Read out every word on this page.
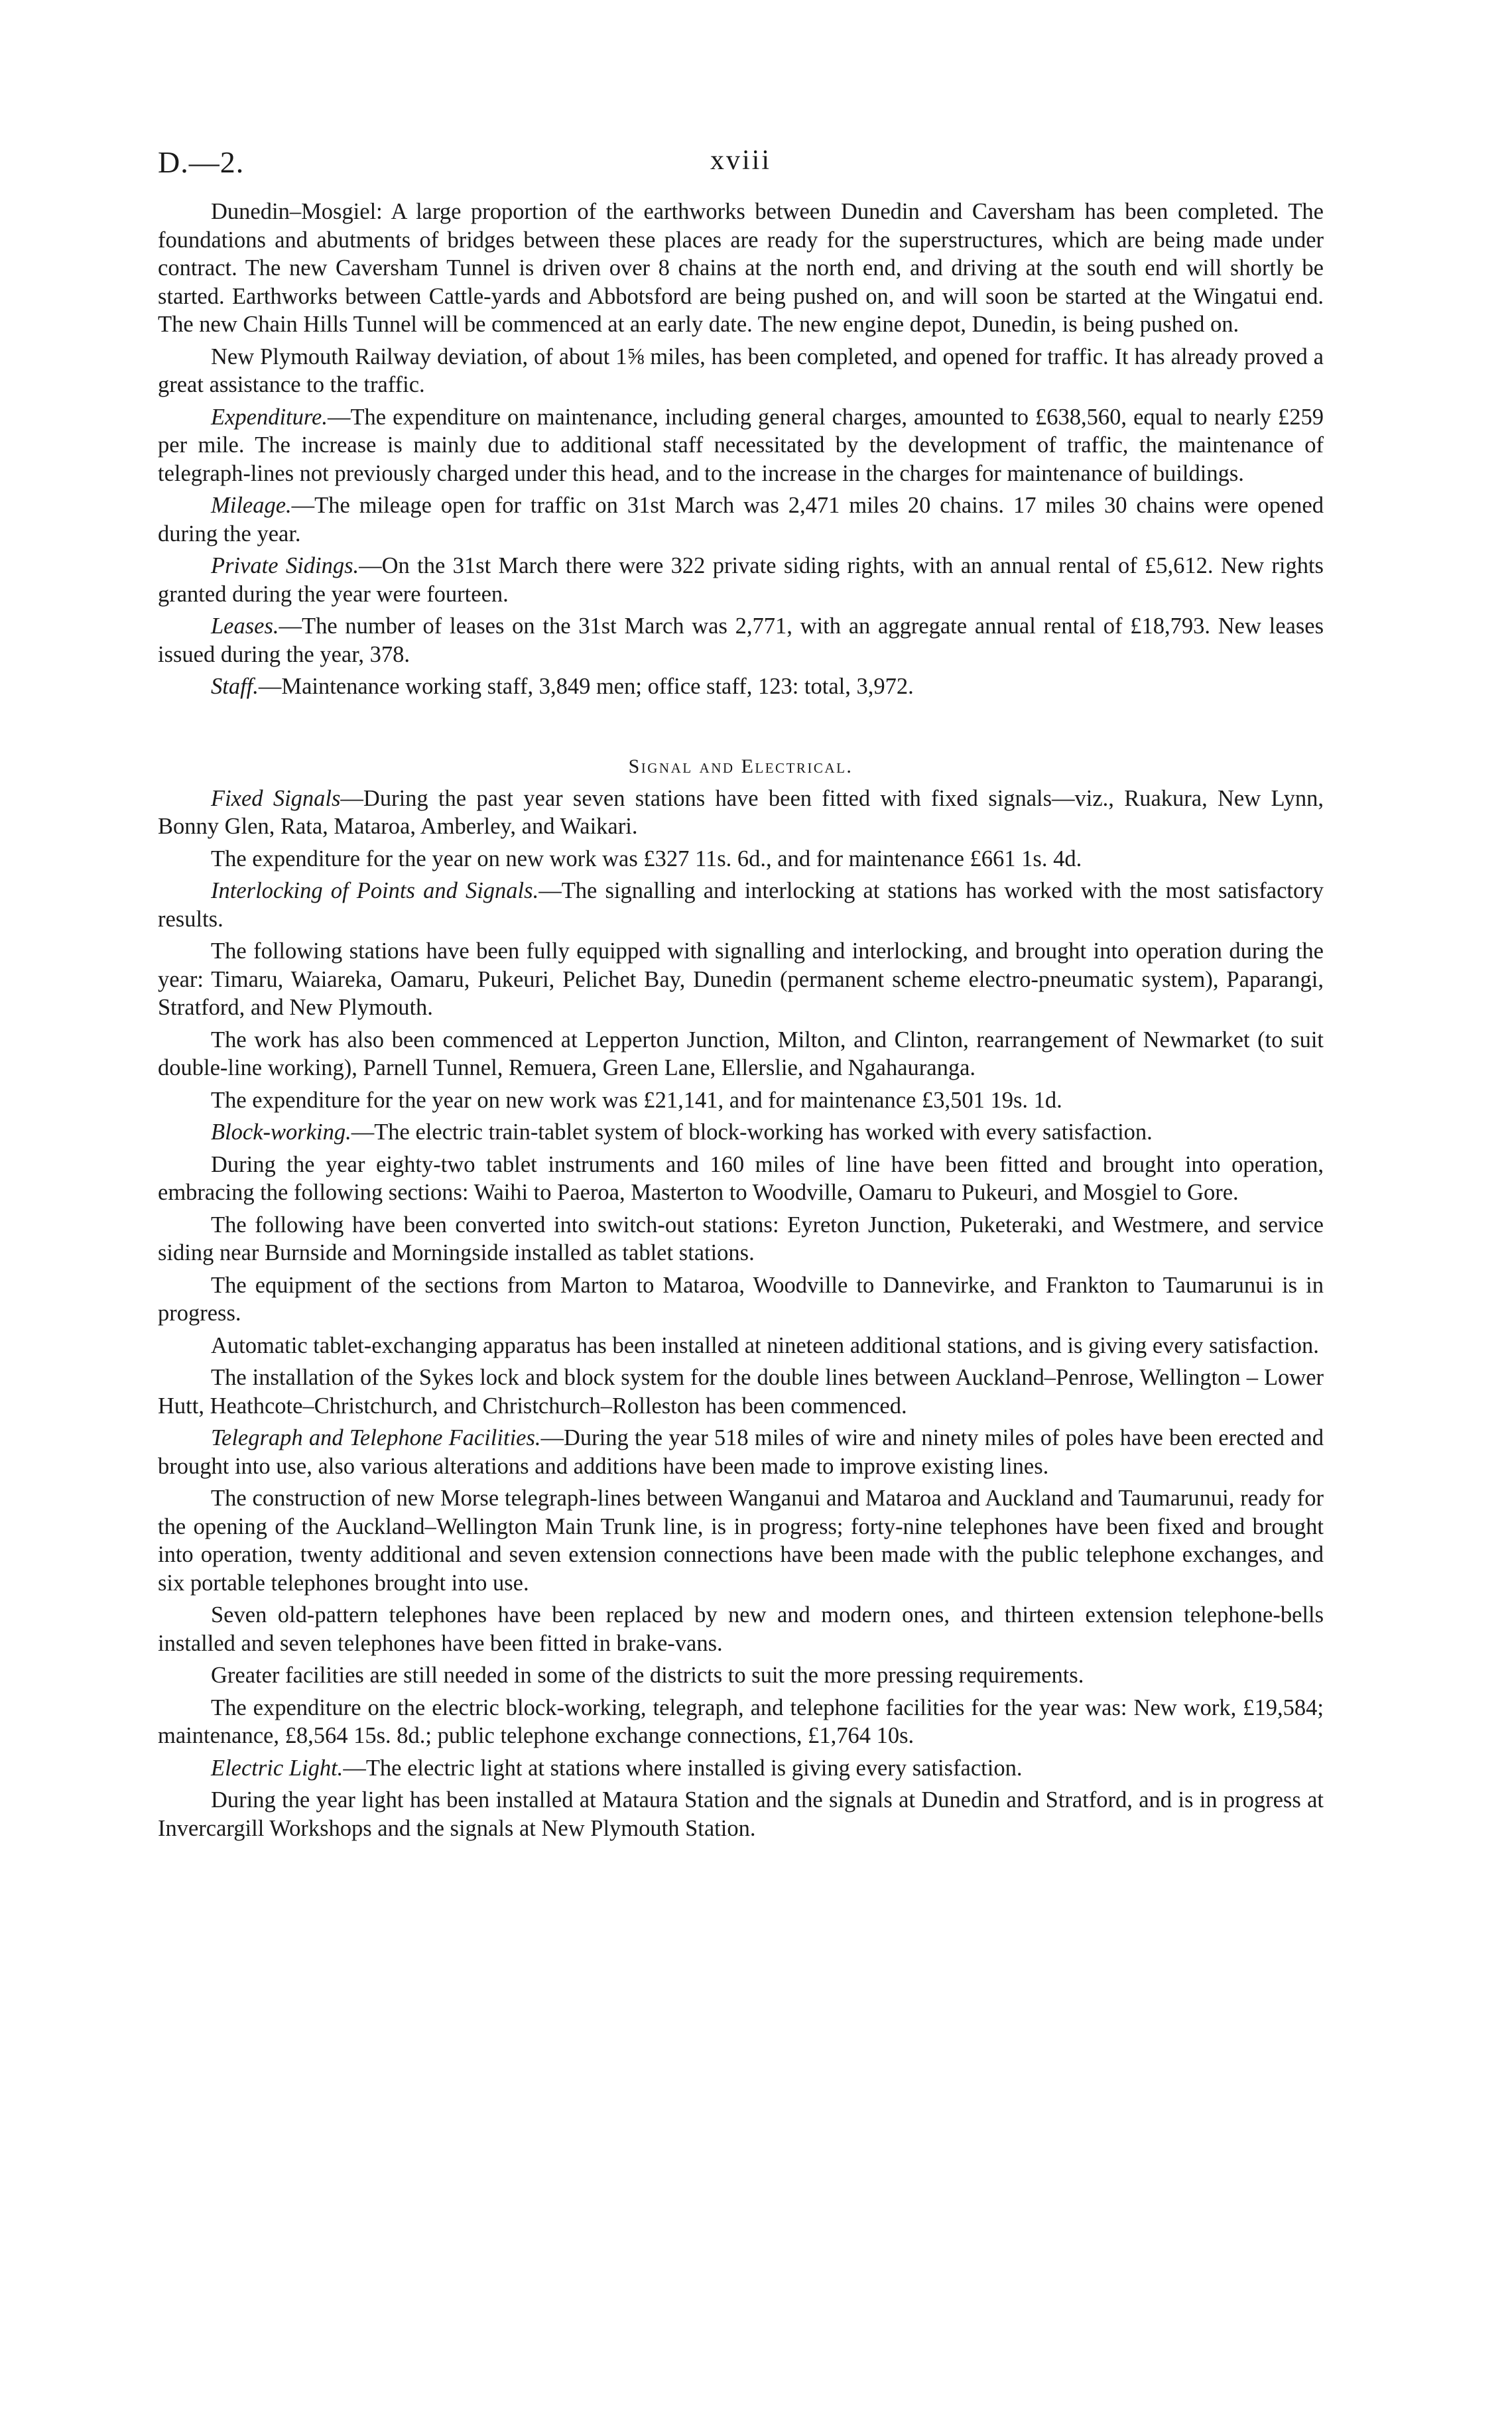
D.—2.	xviii

Dunedin–Mosgiel: A large proportion of the earthworks between Dunedin and Caversham has been completed. The foundations and abutments of bridges between these places are ready for the superstructures, which are being made under contract. The new Caversham Tunnel is driven over 8 chains at the north end, and driving at the south end will shortly be started. Earthworks between Cattle-yards and Abbotsford are being pushed on, and will soon be started at the Wingatui end. The new Chain Hills Tunnel will be commenced at an early date. The new engine depot, Dunedin, is being pushed on.

New Plymouth Railway deviation, of about 1⅝ miles, has been completed, and opened for traffic. It has already proved a great assistance to the traffic.

Expenditure.—The expenditure on maintenance, including general charges, amounted to £638,560, equal to nearly £259 per mile. The increase is mainly due to additional staff necessitated by the development of traffic, the maintenance of telegraph-lines not previously charged under this head, and to the increase in the charges for maintenance of buildings.

Mileage.—The mileage open for traffic on 31st March was 2,471 miles 20 chains. 17 miles 30 chains were opened during the year.

Private Sidings.—On the 31st March there were 322 private siding rights, with an annual rental of £5,612. New rights granted during the year were fourteen.

Leases.—The number of leases on the 31st March was 2,771, with an aggregate annual rental of £18,793. New leases issued during the year, 378.

Staff.—Maintenance working staff, 3,849 men; office staff, 123: total, 3,972.

Signal and Electrical.

Fixed Signals—During the past year seven stations have been fitted with fixed signals—viz., Ruakura, New Lynn, Bonny Glen, Rata, Mataroa, Amberley, and Waikari.

The expenditure for the year on new work was £327 11s. 6d., and for maintenance £661 1s. 4d.

Interlocking of Points and Signals.—The signalling and interlocking at stations has worked with the most satisfactory results.

The following stations have been fully equipped with signalling and interlocking, and brought into operation during the year: Timaru, Waiareka, Oamaru, Pukeuri, Pelichet Bay, Dunedin (permanent scheme electro-pneumatic system), Paparangi, Stratford, and New Plymouth.

The work has also been commenced at Lepperton Junction, Milton, and Clinton, rearrangement of Newmarket (to suit double-line working), Parnell Tunnel, Remuera, Green Lane, Ellerslie, and Ngahauranga.

The expenditure for the year on new work was £21,141, and for maintenance £3,501 19s. 1d.

Block-working.—The electric train-tablet system of block-working has worked with every satisfaction.

During the year eighty-two tablet instruments and 160 miles of line have been fitted and brought into operation, embracing the following sections: Waihi to Paeroa, Masterton to Woodville, Oamaru to Pukeuri, and Mosgiel to Gore.

The following have been converted into switch-out stations: Eyreton Junction, Puketeraki, and Westmere, and service siding near Burnside and Morningside installed as tablet stations.

The equipment of the sections from Marton to Mataroa, Woodville to Dannevirke, and Frankton to Taumarunui is in progress.

Automatic tablet-exchanging apparatus has been installed at nineteen additional stations, and is giving every satisfaction.

The installation of the Sykes lock and block system for the double lines between Auckland–Penrose, Wellington – Lower Hutt, Heathcote–Christchurch, and Christchurch–Rolleston has been commenced.

Telegraph and Telephone Facilities.—During the year 518 miles of wire and ninety miles of poles have been erected and brought into use, also various alterations and additions have been made to improve existing lines.

The construction of new Morse telegraph-lines between Wanganui and Mataroa and Auckland and Taumarunui, ready for the opening of the Auckland–Wellington Main Trunk line, is in progress; forty-nine telephones have been fixed and brought into operation, twenty additional and seven extension connections have been made with the public telephone exchanges, and six portable telephones brought into use.

Seven old-pattern telephones have been replaced by new and modern ones, and thirteen extension telephone-bells installed and seven telephones have been fitted in brake-vans.

Greater facilities are still needed in some of the districts to suit the more pressing requirements.

The expenditure on the electric block-working, telegraph, and telephone facilities for the year was: New work, £19,584; maintenance, £8,564 15s. 8d.; public telephone exchange connections, £1,764 10s.

Electric Light.—The electric light at stations where installed is giving every satisfaction.

During the year light has been installed at Mataura Station and the signals at Dunedin and Stratford, and is in progress at Invercargill Workshops and the signals at New Plymouth Station.
